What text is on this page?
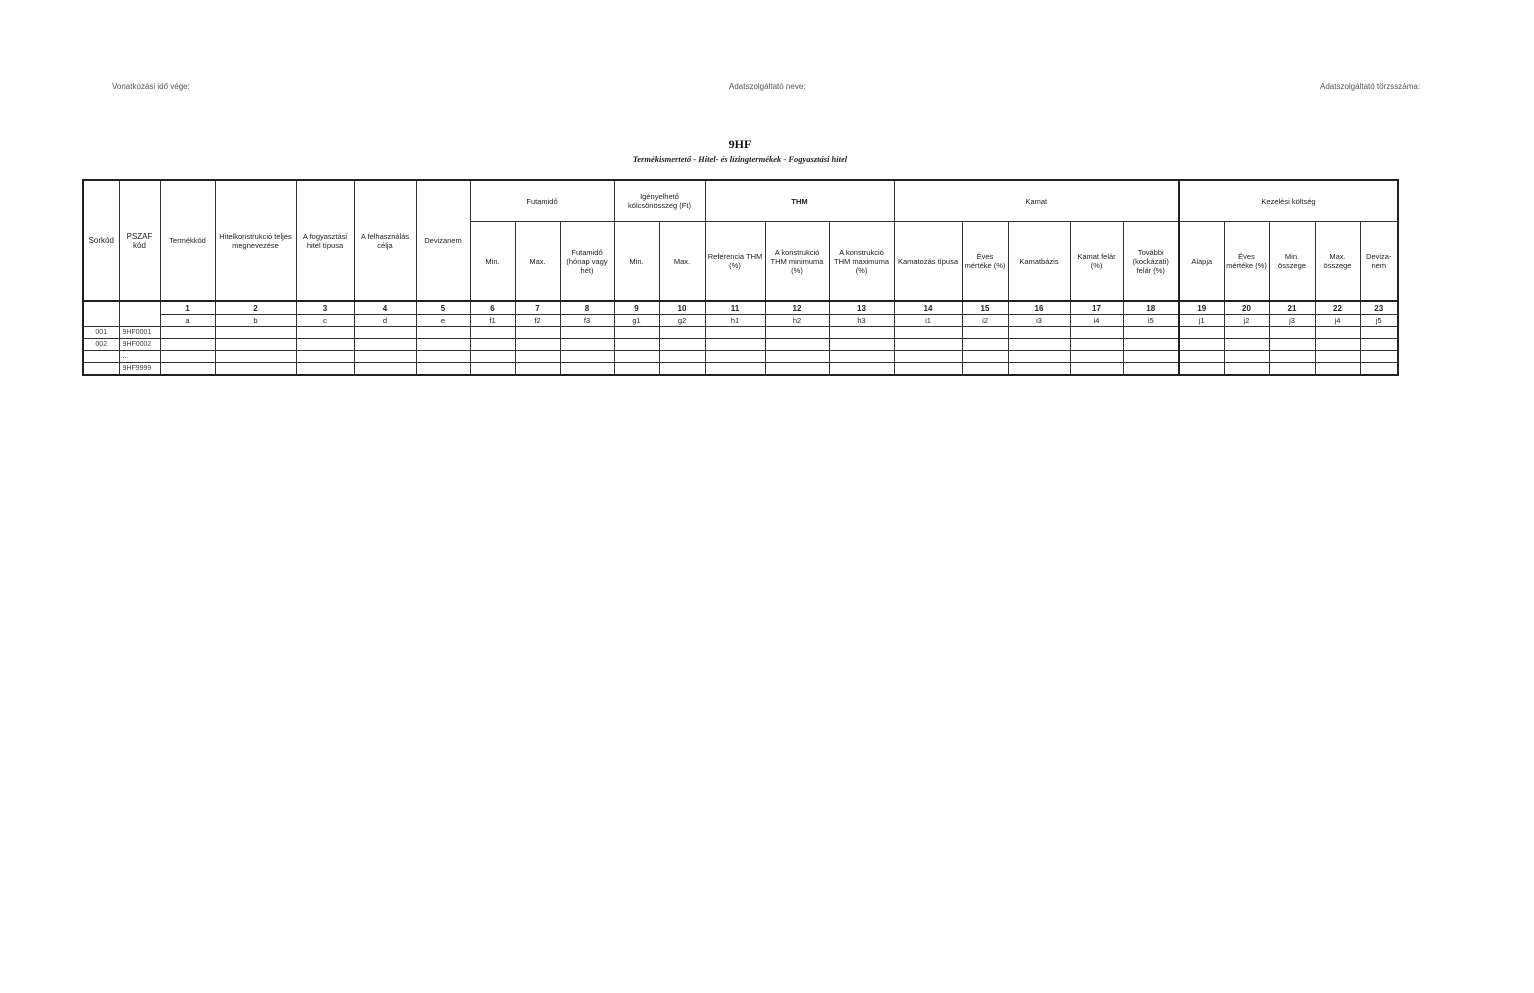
Vonatkozási idő vége:	Adatszolgáltató neve:	Adatszolgáltató törzsszáma:
9HF
Termékismertető - Hitel- és lízingtermékek - Fogyasztási hitel
Sorkód	PSZAF kód	Termékkód	Hitelkonstrukció teljes megnevezése	A fogyasztási hitel típusa	A felhasználás célja	Devizanem	Futamidő			Igényelhető kölcsönösszeg (Ft)		THM			Kamat					Kezelési költség				
							Min.	Max.	Futamidő (hónap vagy hét)	Min.	Max.	Referencia THM (%)	A konstrukció THM minimuma (%)	A konstrukció THM maximuma (%)	Kamatozás típusa	Éves mértéke (%)	Kamatbázis	Kamat felár (%)	További (kockázati) felár (%)	Alapja	Éves mértéke (%)	Min. összege	Max. összege	Deviza-nem
		1	2	3	4	5	6	7	8	9	10	11	12	13	14	15	16	17	18	19	20	21	22	23
		a	b	c	d	e	f1	f2	f3	g1	g2	h1	h2	h3	i1	i2	i3	i4	i5	j1	j2	j3	j4	j5
001	9HF0001																							
002	9HF0002																							
	...																							
	9HF9999																							
